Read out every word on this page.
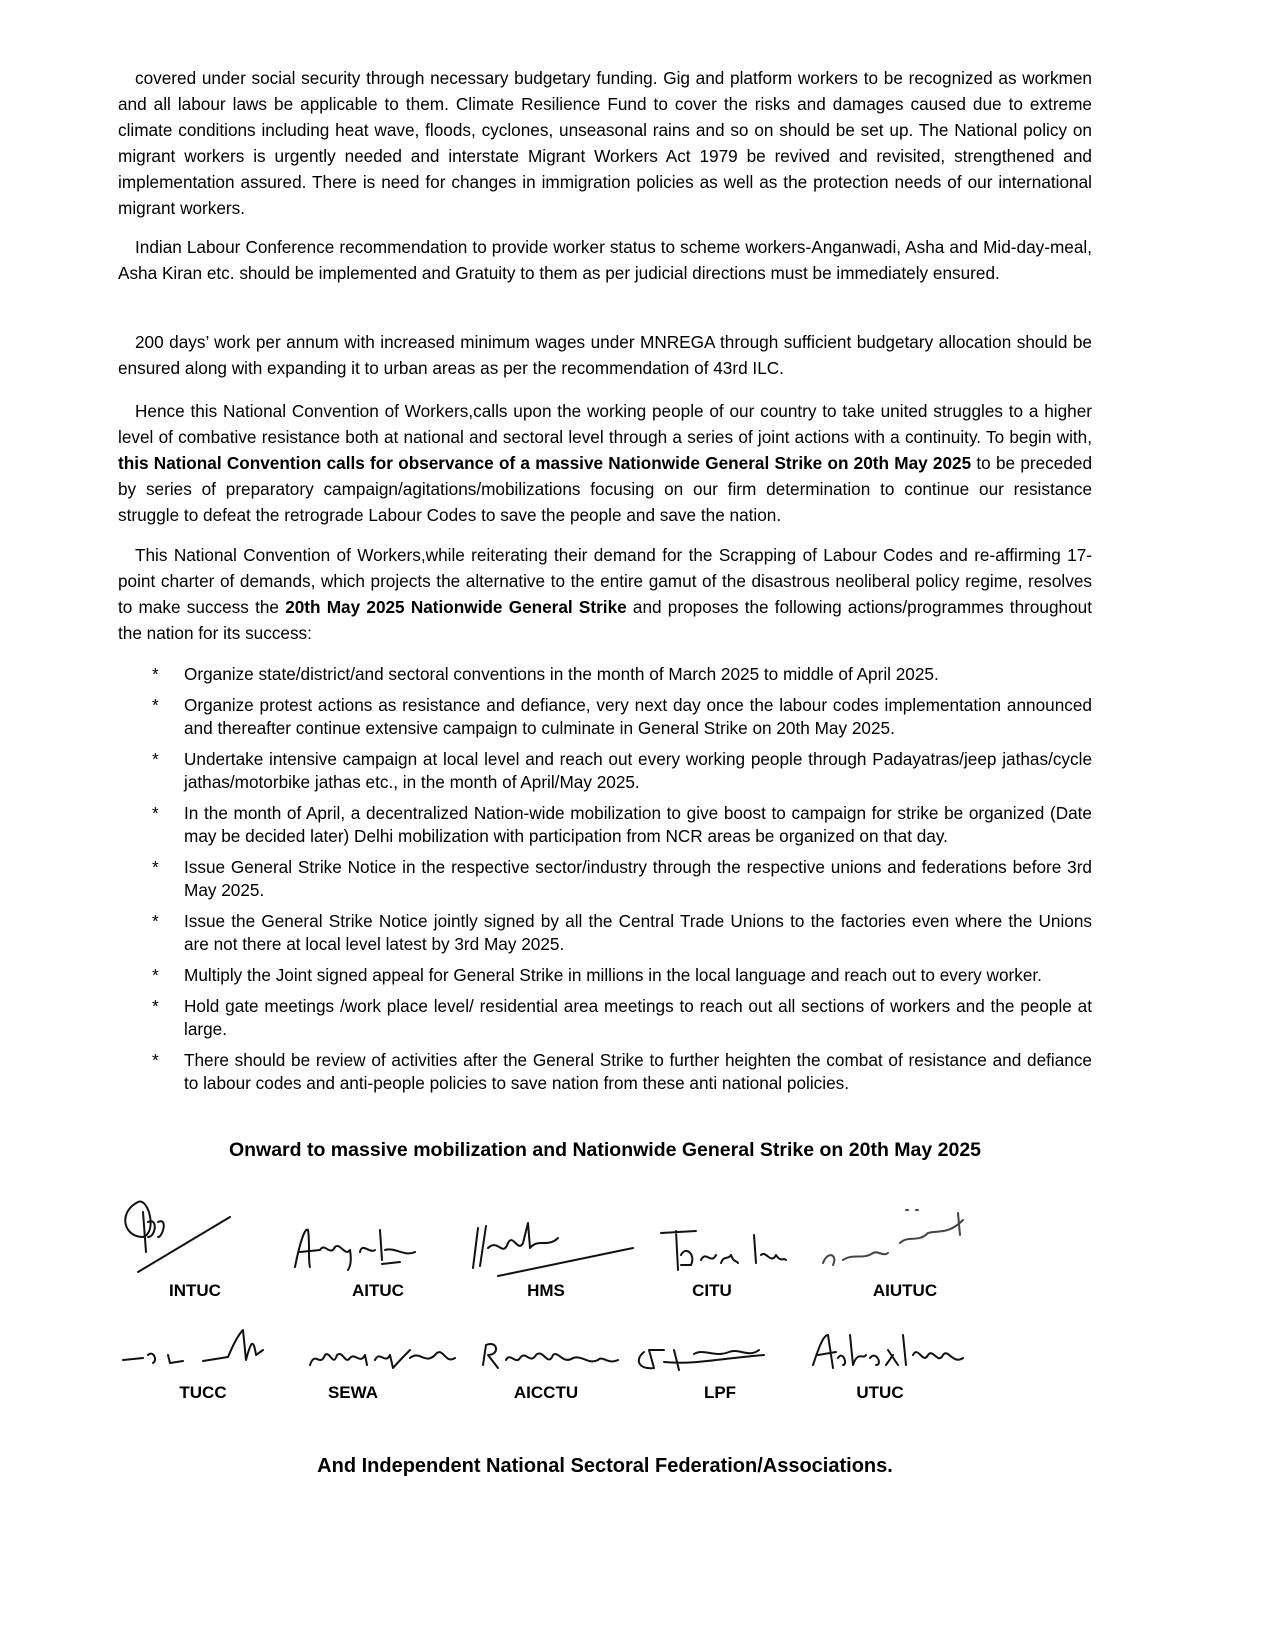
covered under social security through necessary budgetary funding. Gig and platform workers to be recognized as workmen and all labour laws be applicable to them. Climate Resilience Fund to cover the risks and damages caused due to extreme climate conditions including heat wave, floods, cyclones, unseasonal rains and so on should be set up. The National policy on migrant workers is urgently needed and interstate Migrant Workers Act 1979 be revived and revisited, strengthened and implementation assured. There is need for changes in immigration policies as well as the protection needs of our international migrant workers.

Indian Labour Conference recommendation to provide worker status to scheme workers-Anganwadi, Asha and Mid-day-meal, Asha Kiran etc. should be implemented and Gratuity to them as per judicial directions must be immediately ensured.

200 days’ work per annum with increased minimum wages under MNREGA through sufficient budgetary allocation should be ensured along with expanding it to urban areas as per the recommendation of 43rd ILC.

Hence this National Convention of Workers,calls upon the working people of our country to take united struggles to a higher level of combative resistance both at national and sectoral level through a series of joint actions with a continuity. To begin with, this National Convention calls for observance of a massive Nationwide General Strike on 20th May 2025 to be preceded by series of preparatory campaign/agitations/mobilizations focusing on our firm determination to continue our resistance struggle to defeat the retrograde Labour Codes to save the people and save the nation.

This National Convention of Workers,while reiterating their demand for the Scrapping of Labour Codes and re-affirming 17-point charter of demands, which projects the alternative to the entire gamut of the disastrous neoliberal policy regime, resolves to make success the 20th May 2025 Nationwide General Strike and proposes the following actions/programmes throughout the nation for its success:

* Organize state/district/and sectoral conventions in the month of March 2025 to middle of April 2025.
* Organize protest actions as resistance and defiance, very next day once the labour codes implementation announced and thereafter continue extensive campaign to culminate in General Strike on 20th May 2025.
* Undertake intensive campaign at local level and reach out every working people through Padayatras/jeep jathas/cycle jathas/motorbike jathas etc., in the month of April/May 2025.
* In the month of April, a decentralized Nation-wide mobilization to give boost to campaign for strike be organized (Date may be decided later) Delhi mobilization with participation from NCR areas be organized on that day.
* Issue General Strike Notice in the respective sector/industry through the respective unions and federations before 3rd May 2025.
* Issue the General Strike Notice jointly signed by all the Central Trade Unions to the factories even where the Unions are not there at local level latest by 3rd May 2025.
* Multiply the Joint signed appeal for General Strike in millions in the local language and reach out to every worker.
* Hold gate meetings /work place level/ residential area meetings to reach out all sections of workers and the people at large.
* There should be review of activities after the General Strike to further heighten the combat of resistance and defiance to labour codes and anti-people policies to save nation from these anti national policies.
Onward to massive mobilization and Nationwide General Strike on 20th May 2025
INTUC	AITUC	HMS	CITU	AIUTUC
TUCC	SEWA	AICCTU	LPF	UTUC
And Independent National Sectoral Federation/Associations.
